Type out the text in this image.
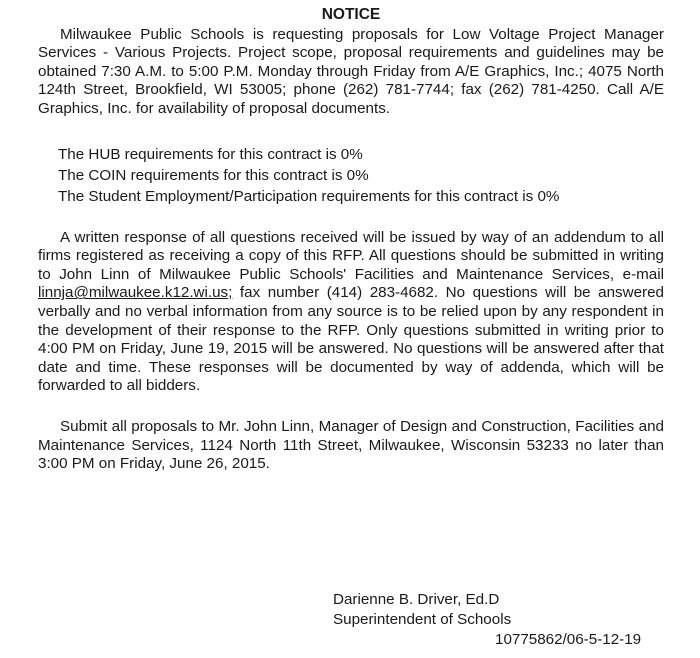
NOTICE

Milwaukee Public Schools is requesting proposals for Low Voltage Project Manager Services - Various Projects. Project scope, proposal requirements and guidelines may be obtained 7:30 A.M. to 5:00 P.M. Monday through Friday from A/E Graphics, Inc.; 4075 North 124th Street, Brookfield, WI 53005; phone (262) 781-7744; fax (262) 781-4250. Call A/E Graphics, Inc. for availability of proposal documents.

The HUB requirements for this contract is 0%
The COIN requirements for this contract is 0%
The Student Employment/Participation requirements for this contract is 0%

A written response of all questions received will be issued by way of an addendum to all firms registered as receiving a copy of this RFP. All questions should be submitted in writing to John Linn of Milwaukee Public Schools' Facilities and Maintenance Services, e-mail linnja@milwaukee.k12.wi.us; fax number (414) 283-4682. No questions will be answered verbally and no verbal information from any source is to be relied upon by any respondent in the development of their response to the RFP. Only questions submitted in writing prior to 4:00 PM on Friday, June 19, 2015 will be answered. No questions will be answered after that date and time. These responses will be documented by way of addenda, which will be forwarded to all bidders.

Submit all proposals to Mr. John Linn, Manager of Design and Construction, Facilities and Maintenance Services, 1124 North 11th Street, Milwaukee, Wisconsin 53233 no later than 3:00 PM on Friday, June 26, 2015.

Darienne B. Driver, Ed.D
Superintendent of Schools
10775862/06-5-12-19
